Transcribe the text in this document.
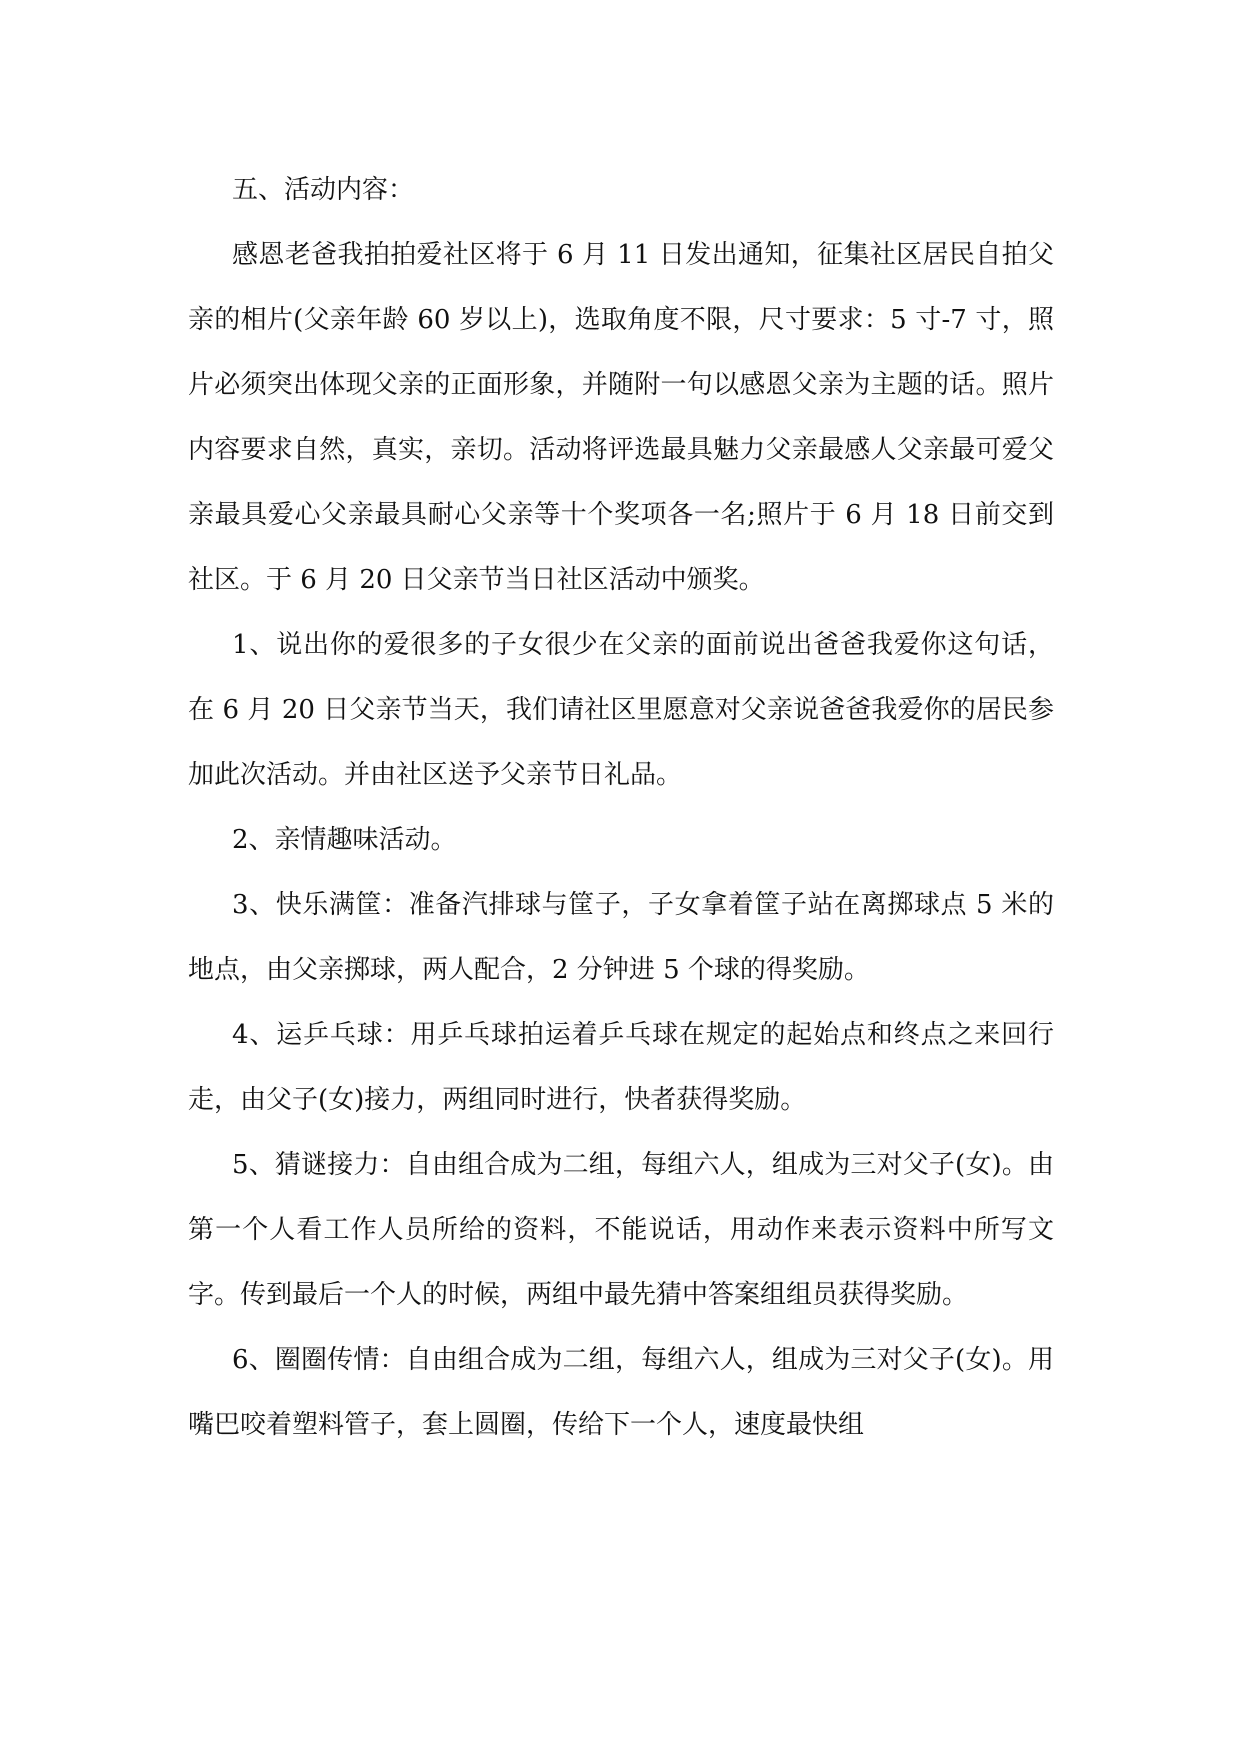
五、活动内容：

感恩老爸我拍拍爱社区将于 6 月 11 日发出通知，征集社区居民自拍父亲的相片(父亲年龄 60 岁以上)，选取角度不限，尺寸要求：5 寸-7 寸，照片必须突出体现父亲的正面形象，并随附一句以感恩父亲为主题的话。照片内容要求自然，真实，亲切。活动将评选最具魅力父亲最感人父亲最可爱父亲最具爱心父亲最具耐心父亲等十个奖项各一名;照片于 6 月 18 日前交到社区。于 6 月 20 日父亲节当日社区活动中颁奖。

1、说出你的爱很多的子女很少在父亲的面前说出爸爸我爱你这句话，在 6 月 20 日父亲节当天，我们请社区里愿意对父亲说爸爸我爱你的居民参加此次活动。并由社区送予父亲节日礼品。

2、亲情趣味活动。

3、快乐满筐：准备汽排球与筐子，子女拿着筐子站在离掷球点 5 米的地点，由父亲掷球，两人配合，2 分钟进 5 个球的得奖励。

4、运乒乓球：用乒乓球拍运着乒乓球在规定的起始点和终点之来回行走，由父子(女)接力，两组同时进行，快者获得奖励。

5、猜谜接力：自由组合成为二组，每组六人，组成为三对父子(女)。由第一个人看工作人员所给的资料，不能说话，用动作来表示资料中所写文字。传到最后一个人的时候，两组中最先猜中答案组组员获得奖励。

6、圈圈传情：自由组合成为二组，每组六人，组成为三对父子(女)。用嘴巴咬着塑料管子，套上圆圈，传给下一个人，速度最快组
